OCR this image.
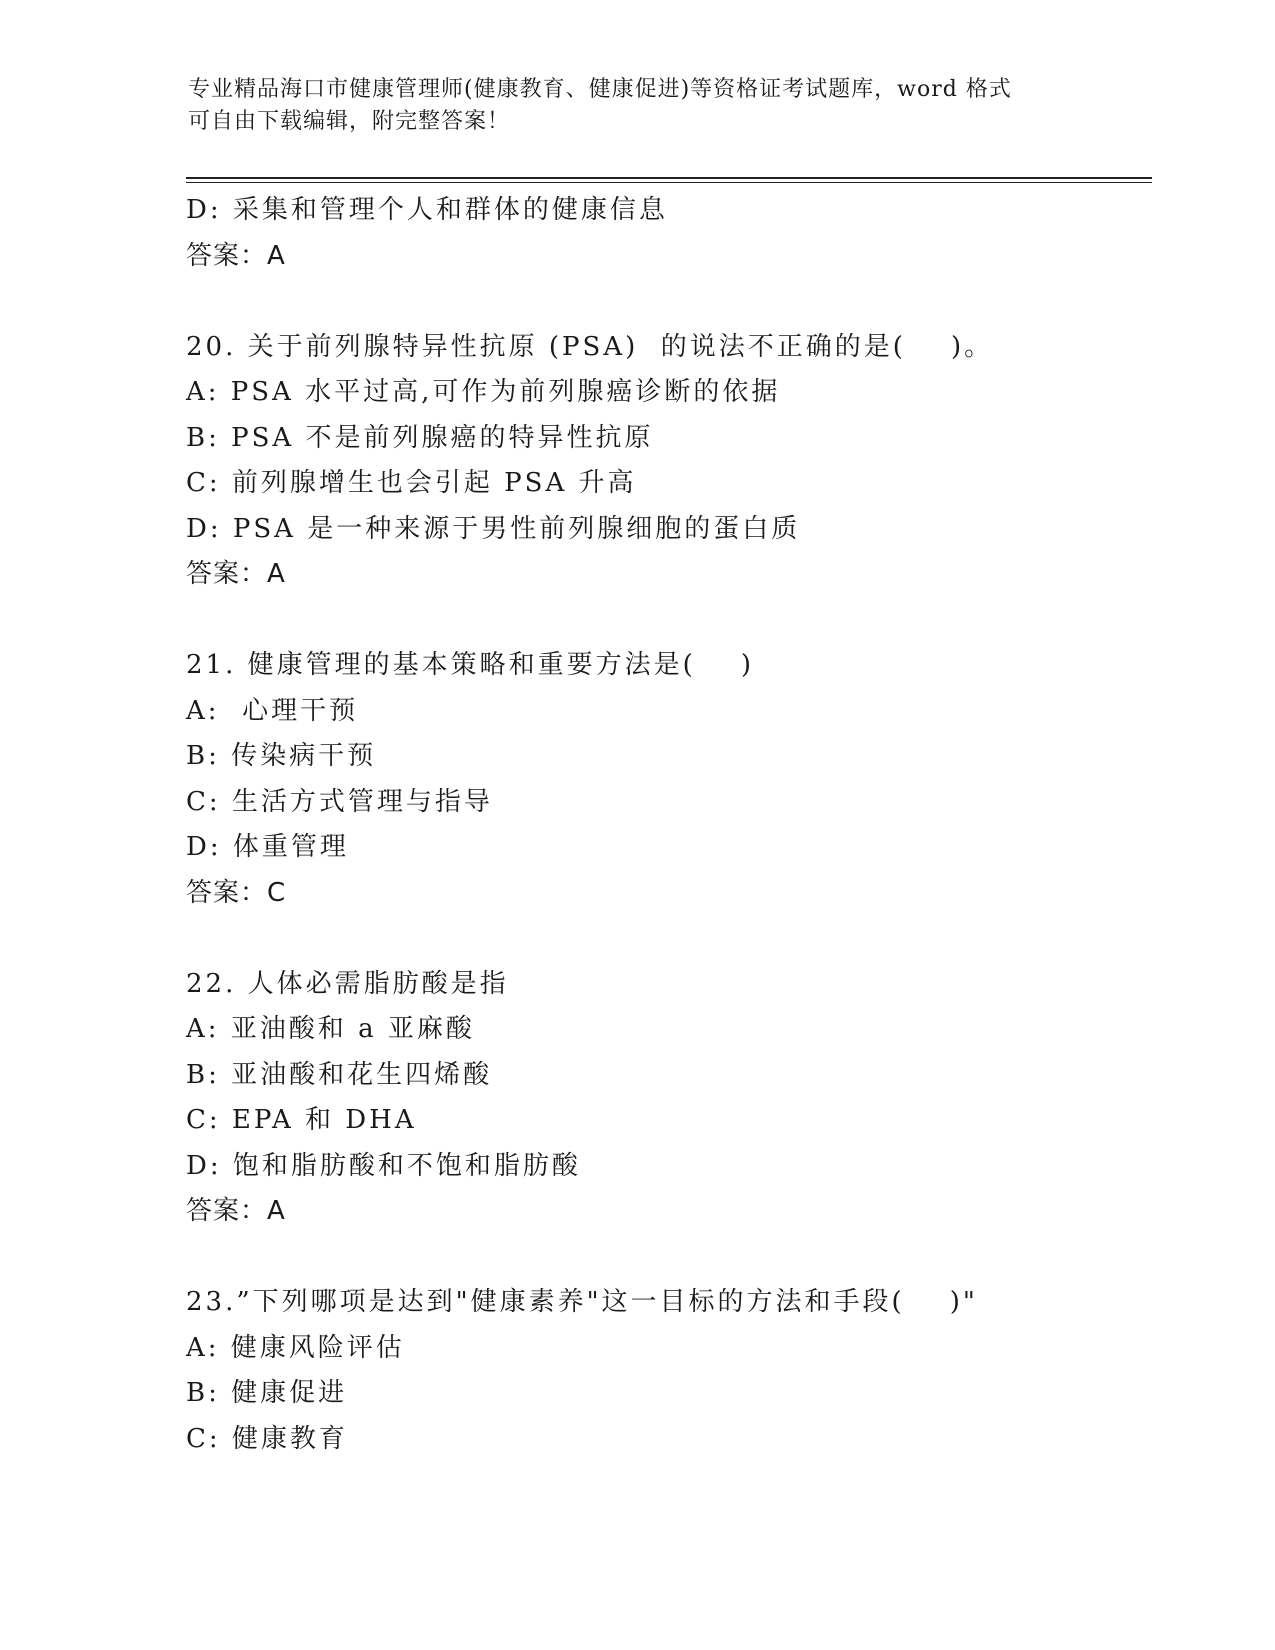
专业精品海口市健康管理师(健康教育、健康促进)等资格证考试题库，word 格式
可自由下载编辑，附完整答案！
D: 采集和管理个人和群体的健康信息
答案：A
20. 关于前列腺特异性抗原 (PSA)  的说法不正确的是(    )。
A: PSA 水平过高,可作为前列腺癌诊断的依据
B: PSA 不是前列腺癌的特异性抗原
C: 前列腺增生也会引起 PSA 升高
D: PSA 是一种来源于男性前列腺细胞的蛋白质
答案：A
21. 健康管理的基本策略和重要方法是(    )
A:  心理干预
B: 传染病干预
C: 生活方式管理与指导
D: 体重管理
答案：C
22. 人体必需脂肪酸是指
A: 亚油酸和 a 亚麻酸
B: 亚油酸和花生四烯酸
C: EPA 和 DHA
D: 饱和脂肪酸和不饱和脂肪酸
答案：A
23.”下列哪项是达到"健康素养"这一目标的方法和手段(    )"
A: 健康风险评估
B: 健康促进
C: 健康教育
